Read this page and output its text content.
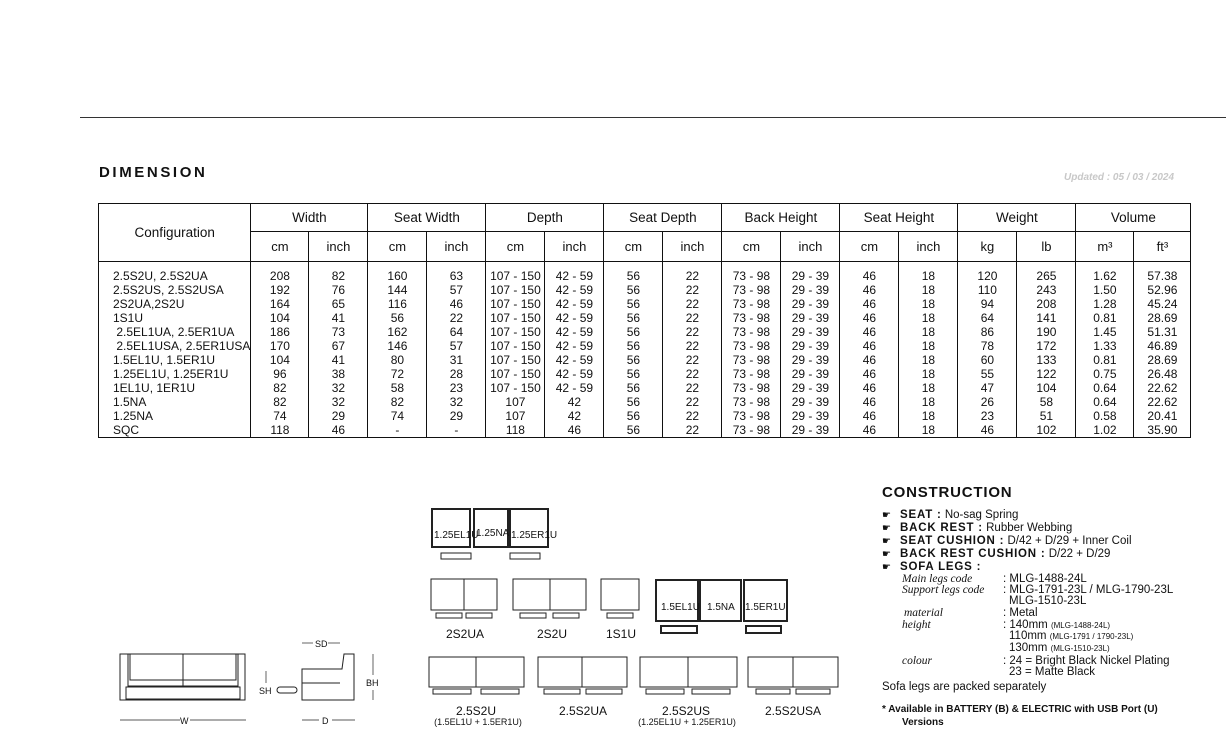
DIMENSION	Updated : 05 / 03 / 2024
Configuration	Width		Seat Width		Depth		Seat Depth		Back Height		Seat Height		Weight		Volume	
	cm	inch	cm	inch	cm	inch	cm	inch	cm	inch	cm	inch	kg	lb	m³	ft³
2.5S2U, 2.5S2UA	208	82	160	63	107 - 150	42 - 59	56	22	73 - 98	29 - 39	46	18	120	265	1.62	57.38
2.5S2US, 2.5S2USA	192	76	144	57	107 - 150	42 - 59	56	22	73 - 98	29 - 39	46	18	110	243	1.50	52.96
2S2UA,2S2U	164	65	116	46	107 - 150	42 - 59	56	22	73 - 98	29 - 39	46	18	94	208	1.28	45.24
1S1U	104	41	56	22	107 - 150	42 - 59	56	22	73 - 98	29 - 39	46	18	64	141	0.81	28.69
2.5EL1UA, 2.5ER1UA	186	73	162	64	107 - 150	42 - 59	56	22	73 - 98	29 - 39	46	18	86	190	1.45	51.31
2.5EL1USA, 2.5ER1USA	170	67	146	57	107 - 150	42 - 59	56	22	73 - 98	29 - 39	46	18	78	172	1.33	46.89
1.5EL1U, 1.5ER1U	104	41	80	31	107 - 150	42 - 59	56	22	73 - 98	29 - 39	46	18	60	133	0.81	28.69
1.25EL1U, 1.25ER1U	96	38	72	28	107 - 150	42 - 59	56	22	73 - 98	29 - 39	46	18	55	122	0.75	26.48
1EL1U, 1ER1U	82	32	58	23	107 - 150	42 - 59	56	22	73 - 98	29 - 39	46	18	47	104	0.64	22.62
1.5NA	82	32	82	32	107	42	56	22	73 - 98	29 - 39	46	18	26	58	0.64	22.62
1.25NA	74	29	74	29	107	42	56	22	73 - 98	29 - 39	46	18	23	51	0.58	20.41
SQC	118	46	-	-	118	46	56	22	73 - 98	29 - 39	46	18	46	102	1.02	35.90
1.25EL1U
1.25NA 1.25ER1U
1.5EL1U 1.5NA 1.5ER1U
W
SD
D
SH
BH
2S2UA	2S2U	1S1U
2.5S2U
(1.5EL1U + 1.5ER1U)
2.5S2UA	2.5S2US
(1.25EL1U + 1.25ER1U)
2.5S2USA
CONSTRUCTION
☛ SEAT : No-sag Spring
☛ BACK REST : Rubber Webbing
☛ SEAT CUSHION : D/42 + D/29 + Inner Coil
☛ BACK REST CUSHION : D/22 + D/29
☛ SOFA LEGS :
Main legs code	: MLG-1488-24L
Support legs code : MLG-1791-23L / MLG-1790-23L
MLG-1510-23L
material	: Metal
height	: 140mm (MLG-1488-24L)
110mm (MLG-1791 / 1790-23L)
130mm (MLG-1510-23L)
colour	: 24 = Bright Black Nickel Plating
23 = Matte Black
Sofa legs are packed separately
* Available in BATTERY (B) & ELECTRIC with USB Port (U)
Versions
